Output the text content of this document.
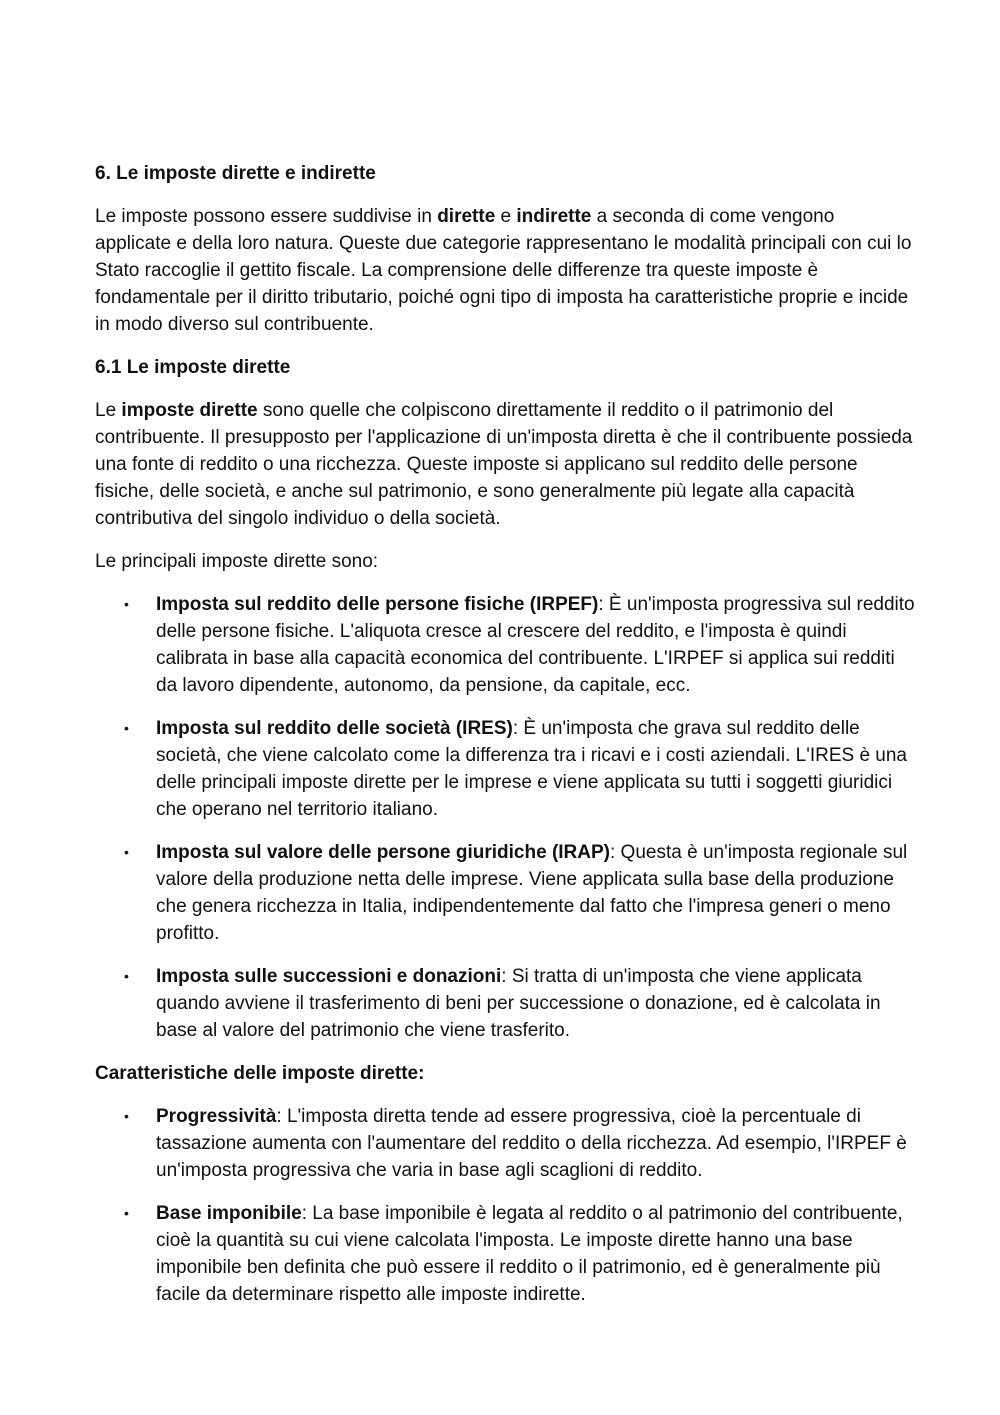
6. Le imposte dirette e indirette

Le imposte possono essere suddivise in dirette e indirette a seconda di come vengono applicate e della loro natura. Queste due categorie rappresentano le modalità principali con cui lo Stato raccoglie il gettito fiscale. La comprensione delle differenze tra queste imposte è fondamentale per il diritto tributario, poiché ogni tipo di imposta ha caratteristiche proprie e incide in modo diverso sul contribuente.

6.1 Le imposte dirette

Le imposte dirette sono quelle che colpiscono direttamente il reddito o il patrimonio del contribuente. Il presupposto per l'applicazione di un'imposta diretta è che il contribuente possieda una fonte di reddito o una ricchezza. Queste imposte si applicano sul reddito delle persone fisiche, delle società, e anche sul patrimonio, e sono generalmente più legate alla capacità contributiva del singolo individuo o della società.

Le principali imposte dirette sono:

• Imposta sul reddito delle persone fisiche (IRPEF): È un'imposta progressiva sul reddito delle persone fisiche. L'aliquota cresce al crescere del reddito, e l'imposta è quindi calibrata in base alla capacità economica del contribuente. L'IRPEF si applica sui redditi da lavoro dipendente, autonomo, da pensione, da capitale, ecc.
• Imposta sul reddito delle società (IRES): È un'imposta che grava sul reddito delle società, che viene calcolato come la differenza tra i ricavi e i costi aziendali. L'IRES è una delle principali imposte dirette per le imprese e viene applicata su tutti i soggetti giuridici che operano nel territorio italiano.
• Imposta sul valore delle persone giuridiche (IRAP): Questa è un'imposta regionale sul valore della produzione netta delle imprese. Viene applicata sulla base della produzione che genera ricchezza in Italia, indipendentemente dal fatto che l'impresa generi o meno profitto.
• Imposta sulle successioni e donazioni: Si tratta di un'imposta che viene applicata quando avviene il trasferimento di beni per successione o donazione, ed è calcolata in base al valore del patrimonio che viene trasferito.

Caratteristiche delle imposte dirette:

• Progressività: L'imposta diretta tende ad essere progressiva, cioè la percentuale di tassazione aumenta con l'aumentare del reddito o della ricchezza. Ad esempio, l'IRPEF è un'imposta progressiva che varia in base agli scaglioni di reddito.
• Base imponibile: La base imponibile è legata al reddito o al patrimonio del contribuente, cioè la quantità su cui viene calcolata l'imposta. Le imposte dirette hanno una base imponibile ben definita che può essere il reddito o il patrimonio, ed è generalmente più facile da determinare rispetto alle imposte indirette.
